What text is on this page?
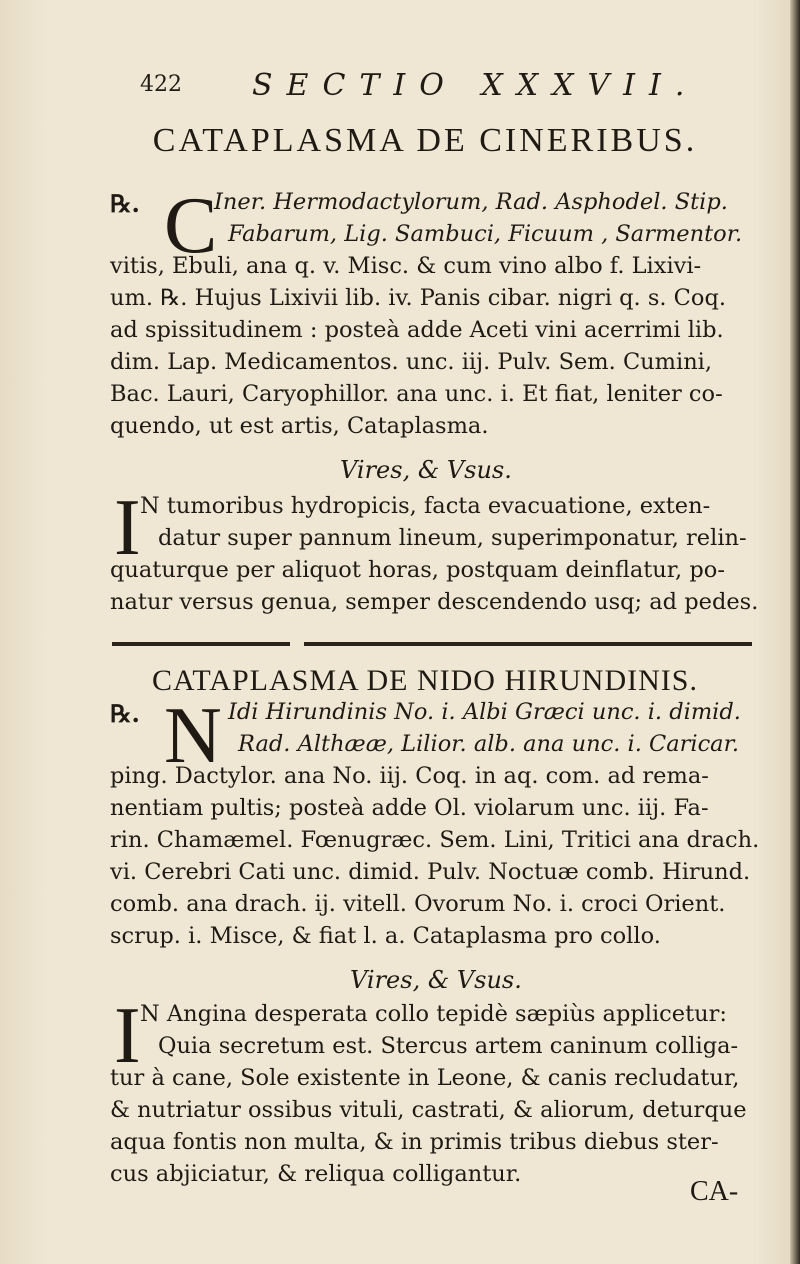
422 SECTIO XXXVII.
CATAPLASMA DE CINERIBUS.
℞. C
Iner. Hermodactylorum, Rad. Asphodel. Stip.
Fabarum, Lig. Sambuci, Ficuum , Sarmentor.
vitis, Ebuli, ana q. v. Misc. & cum vino albo f. Lixivi-
um. ℞. Hujus Lixivii lib. iv. Panis cibar. nigri q. s. Coq.
ad spissitudinem : posteà adde Aceti vini acerrimi lib.
dim. Lap. Medicamentos. unc. iij. Pulv. Sem. Cumini,
Bac. Lauri, Caryophillor. ana unc. i. Et fiat, leniter co-
quendo, ut est artis, Cataplasma.
Vires, & Vsus.
I N tumoribus hydropicis, facta evacuatione, exten-
datur super pannum lineum, superimponatur, relin-
quaturque per aliquot horas, postquam deinflatur, po-
natur versus genua, semper descendendo usq; ad pedes.
CATAPLASMA DE NIDO HIRUNDINIS.
℞. N Idi Hirundinis No. i. Albi Græci unc. i. dimid.
Rad. Althææ, Lilior. alb. ana unc. i. Caricar.
ping. Dactylor. ana No. iij. Coq. in aq. com. ad rema-
nentiam pultis; posteà adde Ol. violarum unc. iij. Fa-
rin. Chamæmel. Fœnugræc. Sem. Lini, Tritici ana drach.
vi. Cerebri Cati unc. dimid. Pulv. Noctuæ comb. Hirund.
comb. ana drach. ij. vitell. Ovorum No. i. croci Orient.
scrup. i. Misce, & fiat l. a. Cataplasma pro collo.
Vires, & Vsus.
I N Angina desperata collo tepidè sæpiùs applicetur:
Quia secretum est. Stercus artem caninum colliga-
tur à cane, Sole existente in Leone, & canis recludatur,
& nutriatur ossibus vituli, castrati, & aliorum, deturque
aqua fontis non multa, & in primis tribus diebus ster-
cus abjiciatur, & reliqua colligantur.
CA-
